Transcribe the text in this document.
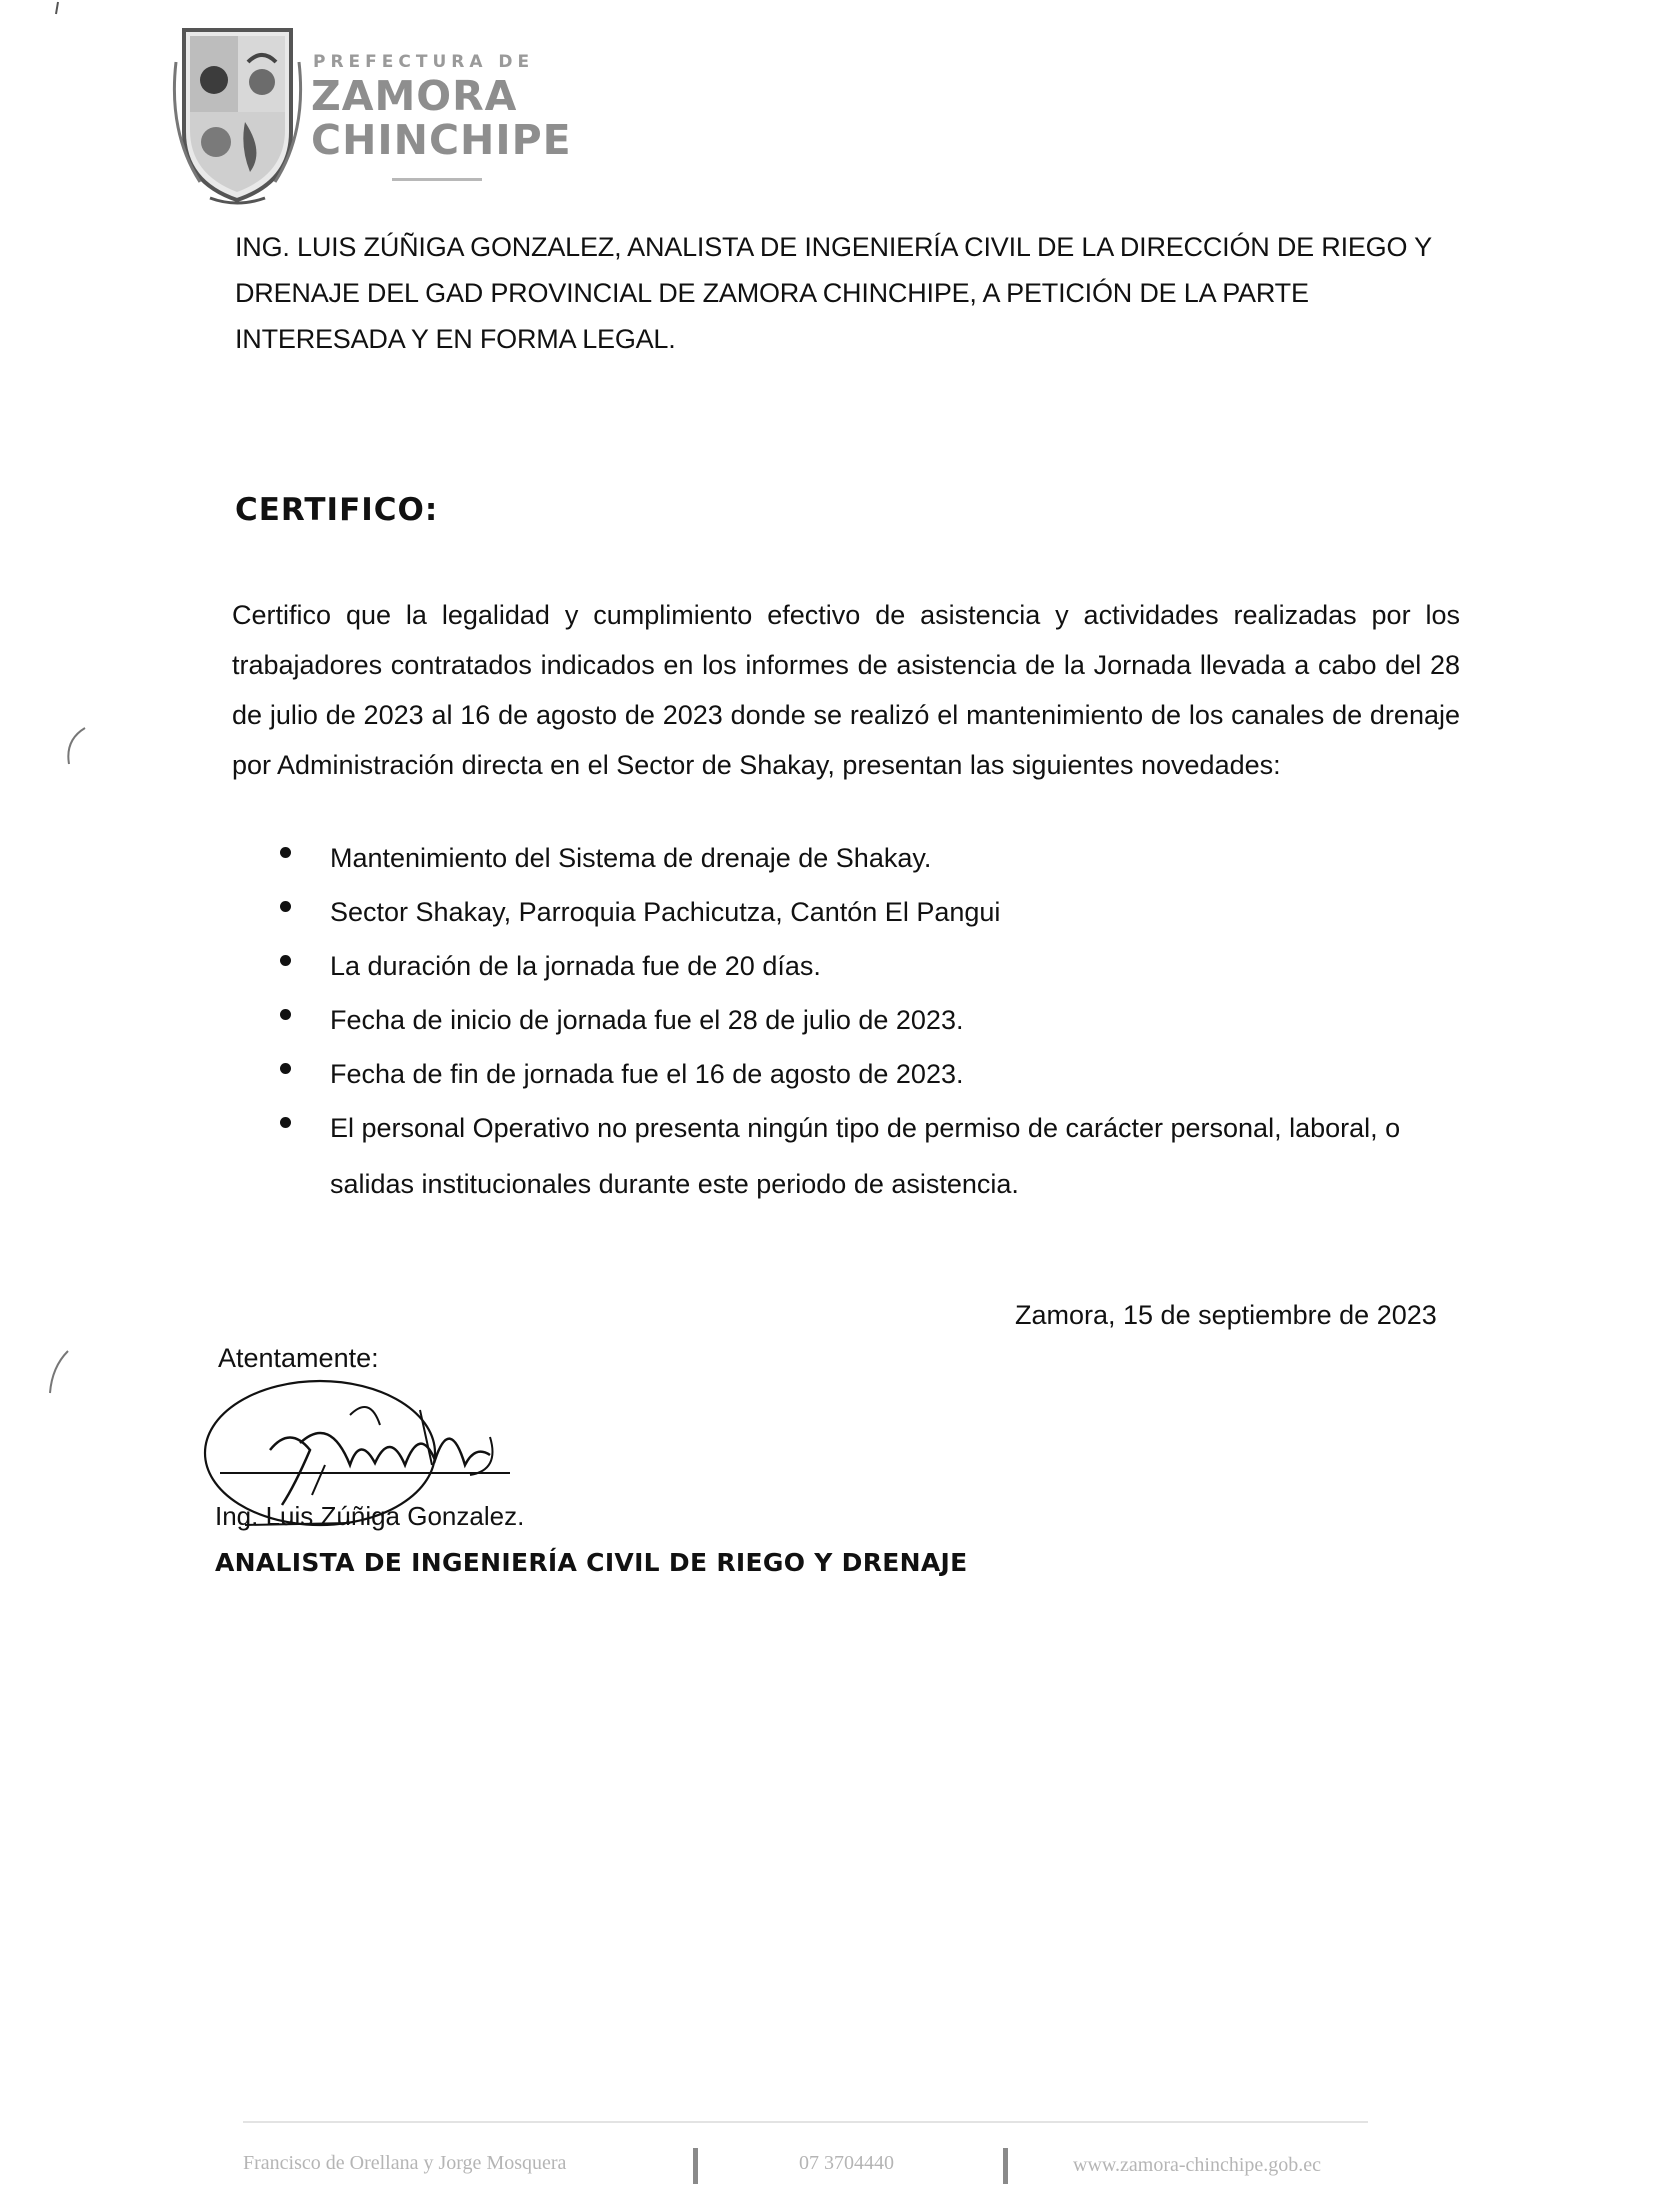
PREFECTURA DE
ZAMORA
CHINCHIPE
ING. LUIS ZÚÑIGA GONZALEZ, ANALISTA DE INGENIERÍA CIVIL DE LA DIRECCIÓN DE RIEGO Y DRENAJE DEL GAD PROVINCIAL DE ZAMORA CHINCHIPE, A PETICIÓN DE LA PARTE INTERESADA Y EN FORMA LEGAL.
CERTIFICO:
Certifico que la legalidad y cumplimiento efectivo de asistencia y actividades realizadas por los trabajadores contratados indicados en los informes de asistencia de la Jornada llevada a cabo del 28 de julio de 2023 al 16 de agosto de 2023 donde se realizó el mantenimiento de los canales de drenaje por Administración directa en el Sector de Shakay, presentan las siguientes novedades:
Mantenimiento del Sistema de drenaje de Shakay.
Sector Shakay, Parroquia Pachicutza, Cantón El Pangui
La duración de la jornada fue de 20 días.
Fecha de inicio de jornada fue el 28 de julio de 2023.
Fecha de fin de jornada fue el 16 de agosto de 2023.
El personal Operativo no presenta ningún tipo de permiso de carácter personal, laboral, o salidas institucionales durante este periodo de asistencia.
Zamora, 15 de septiembre de 2023
Atentamente:
Ing. Luis Zúñiga Gonzalez.
ANALISTA DE INGENIERÍA CIVIL DE RIEGO Y DRENAJE
Francisco de Orellana y Jorge Mosquera	07 3704440	www.zamora-chinchipe.gob.ec
